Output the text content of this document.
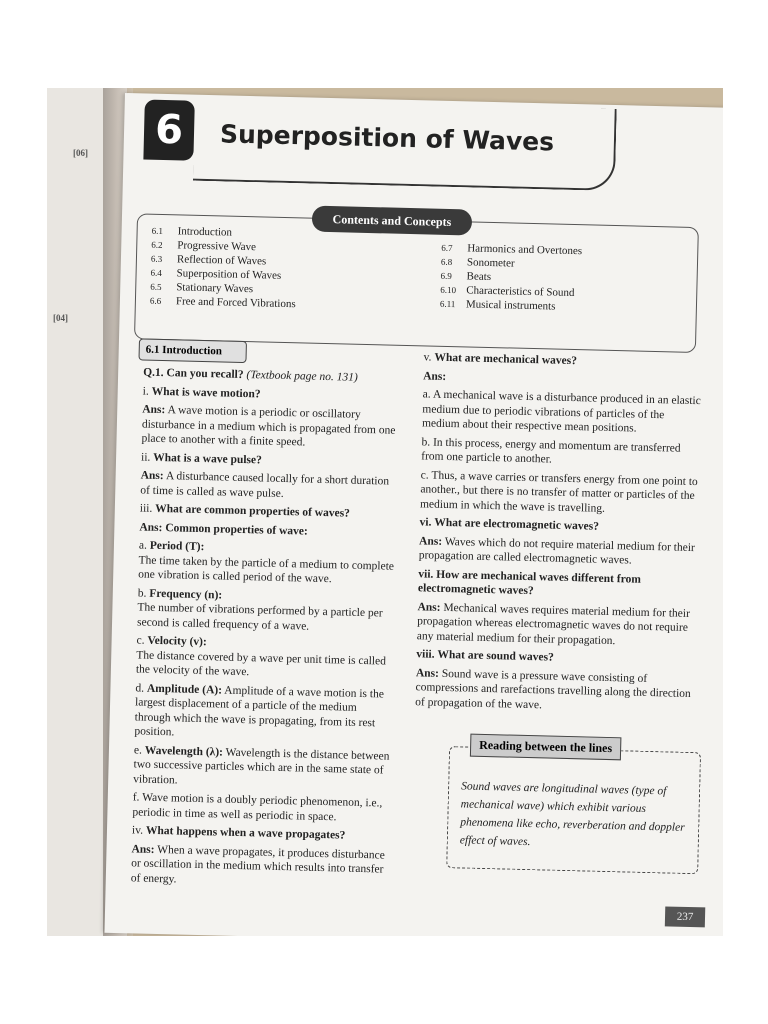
[06]
[04]
6	Superposition of Waves
Contents and Concepts
6.1 Introduction
6.2 Progressive Wave
6.3 Reflection of Waves
6.4 Superposition of Waves
6.5 Stationary Waves
6.6 Free and Forced Vibrations
6.7 Harmonics and Overtones
6.8 Sonometer
6.9 Beats
6.10 Characteristics of Sound
6.11 Musical instruments
6.1 Introduction

Q.1. Can you recall? (Textbook page no. 131)

i. What is wave motion?

Ans: A wave motion is a periodic or oscillatory disturbance in a medium which is propagated from one place to another with a finite speed.

ii. What is a wave pulse?

Ans: A disturbance caused locally for a short duration of time is called as wave pulse.

iii. What are common properties of waves?

Ans: Common properties of wave:

a. Period (T):
The time taken by the particle of a medium to complete one vibration is called period of the wave.

b. Frequency (n):
The number of vibrations performed by a particle per second is called frequency of a wave.

c. Velocity (v):
The distance covered by a wave per unit time is called the velocity of the wave.

d. Amplitude (A): Amplitude of a wave motion is the largest displacement of a particle of the medium through which the wave is propagating, from its rest position.

e. Wavelength (λ): Wavelength is the distance between two successive particles which are in the same state of vibration.

f. Wave motion is a doubly periodic phenomenon, i.e., periodic in time as well as periodic in space.

iv. What happens when a wave propagates?

Ans: When a wave propagates, it produces disturbance or oscillation in the medium which results into transfer of energy.

v. What are mechanical waves?

Ans:

a. A mechanical wave is a disturbance produced in an elastic medium due to periodic vibrations of particles of the medium about their respective mean positions.

b. In this process, energy and momentum are transferred from one particle to another.

c. Thus, a wave carries or transfers energy from one point to another., but there is no transfer of matter or particles of the medium in which the wave is travelling.

vi. What are electromagnetic waves?

Ans: Waves which do not require material medium for their propagation are called electromagnetic waves.

vii. How are mechanical waves different from electromagnetic waves?

Ans: Mechanical waves requires material medium for their propagation whereas electromagnetic waves do not require any material medium for their propagation.

viii. What are sound waves?

Ans: Sound wave is a pressure wave consisting of compressions and rarefactions travelling along the direction of propagation of the wave.

Reading between the lines
Sound waves are longitudinal waves (type of mechanical wave) which exhibit various phenomena like echo, reverberation and doppler effect of waves.
237
